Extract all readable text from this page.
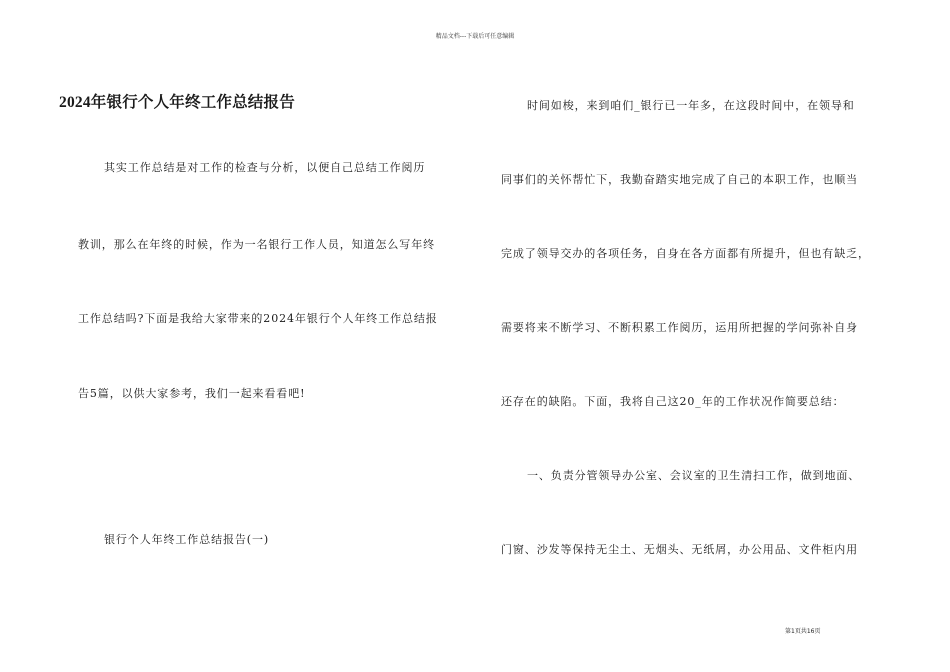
精品文档---下载后可任意编辑
2024年银行个人年终工作总结报告
其实工作总结是对工作的检查与分析，以便自己总结工作阅历
教训，那么在年终的时候，作为一名银行工作人员，知道怎么写年终
工作总结吗?下面是我给大家带来的2024年银行个人年终工作总结报
告5篇，以供大家参考，我们一起来看看吧!
银行个人年终工作总结报告(一)
时间如梭，来到咱们_银行已一年多，在这段时间中，在领导和
同事们的关怀帮忙下，我勤奋踏实地完成了自己的本职工作，也顺当
完成了领导交办的各项任务，自身在各方面都有所提升，但也有缺乏，
需要将来不断学习、不断积累工作阅历，运用所把握的学问弥补自身
还存在的缺陷。下面，我将自己这20_年的工作状况作简要总结：
一、负责分管领导办公室、会议室的卫生清扫工作，做到地面、
门窗、沙发等保持无尘土、无烟头、无纸屑，办公用品、文件柜内用
第1页共16页
